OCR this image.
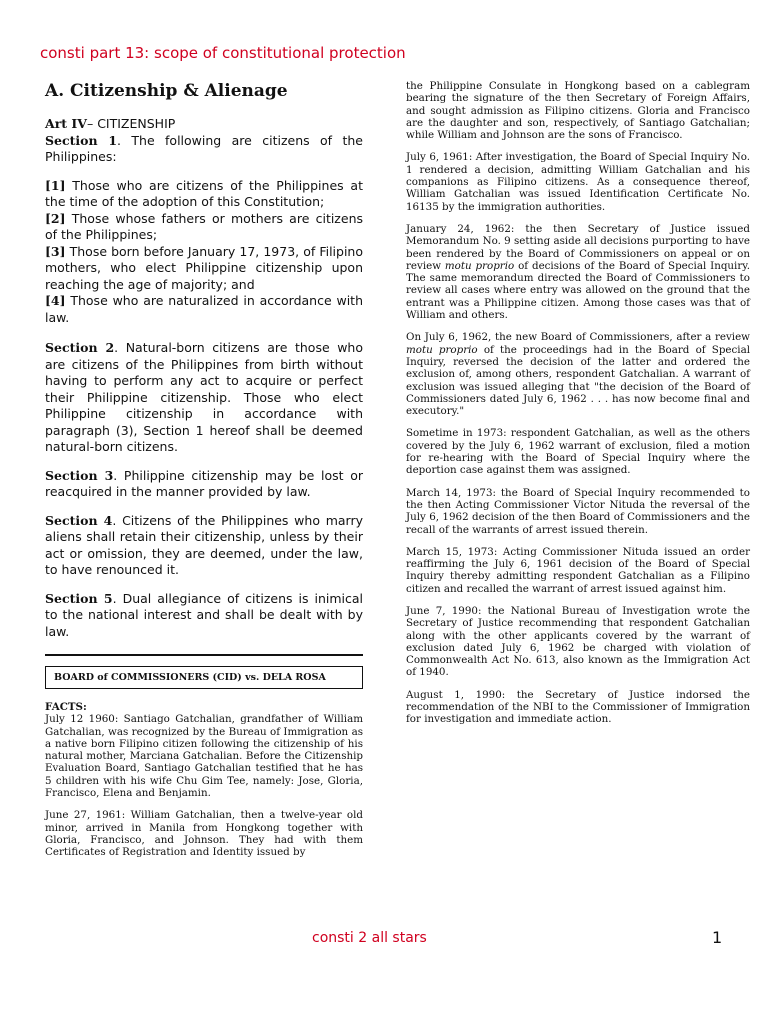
consti part 13: scope of constitutional protection
A. Citizenship & Alienage

Art IV– CITIZENSHIP

Section 1. The following are citizens of the Philippines:

[1] Those who are citizens of the Philippines at the time of the adoption of this Constitution;

[2] Those whose fathers or mothers are citizens of the Philippines;

[3] Those born before January 17, 1973, of Filipino mothers, who elect Philippine citizenship upon reaching the age of majority; and

[4] Those who are naturalized in accordance with law.

Section 2. Natural-born citizens are those who are citizens of the Philippines from birth without having to perform any act to acquire or perfect their Philippine citizenship. Those who elect Philippine citizenship in accordance with paragraph (3), Section 1 hereof shall be deemed natural-born citizens.

Section 3. Philippine citizenship may be lost or reacquired in the manner provided by law.

Section 4. Citizens of the Philippines who marry aliens shall retain their citizenship, unless by their act or omission, they are deemed, under the law, to have renounced it.

Section 5. Dual allegiance of citizens is inimical to the national interest and shall be dealt with by law.

BOARD of COMMISSIONERS (CID) vs. DELA ROSA

FACTS:

July 12 1960: Santiago Gatchalian, grandfather of William Gatchalian, was recognized by the Bureau of Immigration as a native born Filipino citizen following the citizenship of his natural mother, Marciana Gatchalian. Before the Citizenship Evaluation Board, Santiago Gatchalian testified that he has 5 children with his wife Chu Gim Tee, namely: Jose, Gloria, Francisco, Elena and Benjamin.

June 27, 1961: William Gatchalian, then a twelve-year old minor, arrived in Manila from Hongkong together with Gloria, Francisco, and Johnson. They had with them Certificates of Registration and Identity issued by

the Philippine Consulate in Hongkong based on a cablegram bearing the signature of the then Secretary of Foreign Affairs, and sought admission as Filipino citizens. Gloria and Francisco are the daughter and son, respectively, of Santiago Gatchalian; while William and Johnson are the sons of Francisco.

July 6, 1961: After investigation, the Board of Special Inquiry No. 1 rendered a decision, admitting William Gatchalian and his companions as Filipino citizens. As a consequence thereof, William Gatchalian was issued Identification Certificate No. 16135 by the immigration authorities.

January 24, 1962: the then Secretary of Justice issued Memorandum No. 9 setting aside all decisions purporting to have been rendered by the Board of Commissioners on appeal or on review motu proprio of decisions of the Board of Special Inquiry. The same memorandum directed the Board of Commissioners to review all cases where entry was allowed on the ground that the entrant was a Philippine citizen. Among those cases was that of William and others.

On July 6, 1962, the new Board of Commissioners, after a review motu proprio of the proceedings had in the Board of Special Inquiry, reversed the decision of the latter and ordered the exclusion of, among others, respondent Gatchalian. A warrant of exclusion was issued alleging that "the decision of the Board of Commissioners dated July 6, 1962 . . . has now become final and executory."

Sometime in 1973: respondent Gatchalian, as well as the others covered by the July 6, 1962 warrant of exclusion, filed a motion for re-hearing with the Board of Special Inquiry where the deportion case against them was assigned.

March 14, 1973: the Board of Special Inquiry recommended to the then Acting Commissioner Victor Nituda the reversal of the July 6, 1962 decision of the then Board of Commissioners and the recall of the warrants of arrest issued therein.

March 15, 1973: Acting Commissioner Nituda issued an order reaffirming the July 6, 1961 decision of the Board of Special Inquiry thereby admitting respondent Gatchalian as a Filipino citizen and recalled the warrant of arrest issued against him.

June 7, 1990: the National Bureau of Investigation wrote the Secretary of Justice recommending that respondent Gatchalian along with the other applicants covered by the warrant of exclusion dated July 6, 1962 be charged with violation of Commonwealth Act No. 613, also known as the Immigration Act of 1940.

August 1, 1990: the Secretary of Justice indorsed the recommendation of the NBI to the Commissioner of Immigration for investigation and immediate action.

consti 2 all stars	1
